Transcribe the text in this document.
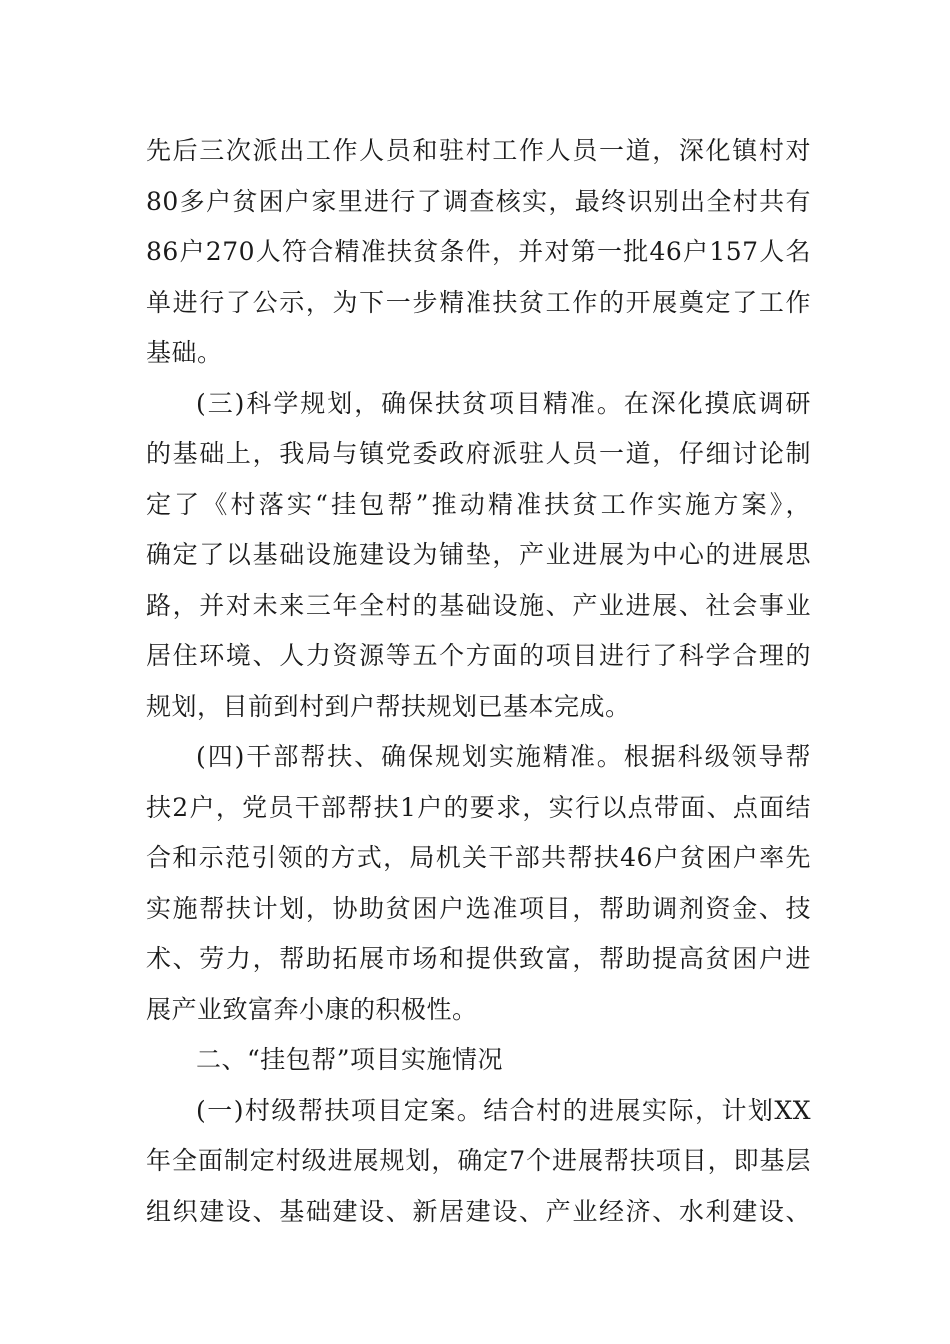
先后三次派出工作人员和驻村工作人员一道，深化镇村对
80多户贫困户家里进行了调查核实，最终识别出全村共有
86户270人符合精准扶贫条件，并对第一批46户157人名
单进行了公示，为下一步精准扶贫工作的开展奠定了工作
基础。
(三)科学规划，确保扶贫项目精准。在深化摸底调研
的基础上，我局与镇党委政府派驻人员一道，仔细讨论制
定了《村落实“挂包帮”推动精准扶贫工作实施方案》，
确定了以基础设施建设为铺垫，产业进展为中心的进展思
路，并对未来三年全村的基础设施、产业进展、社会事业
居住环境、人力资源等五个方面的项目进行了科学合理的
规划，目前到村到户帮扶规划已基本完成。
(四)干部帮扶、确保规划实施精准。根据科级领导帮
扶2户，党员干部帮扶1户的要求，实行以点带面、点面结
合和示范引领的方式，局机关干部共帮扶46户贫困户率先
实施帮扶计划，协助贫困户选准项目，帮助调剂资金、技
术、劳力，帮助拓展市场和提供致富，帮助提高贫困户进
展产业致富奔小康的积极性。
二、“挂包帮”项目实施情况
(一)村级帮扶项目定案。结合村的进展实际，计划XX
年全面制定村级进展规划，确定7个进展帮扶项目，即基层
组织建设、基础建设、新居建设、产业经济、水利建设、
